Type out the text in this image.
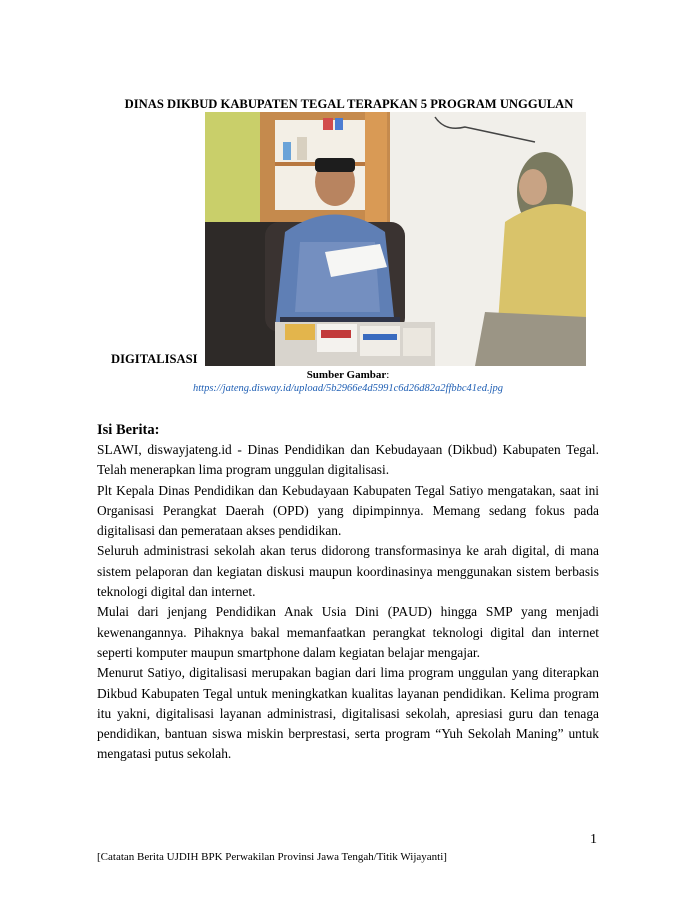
DINAS DIKBUD KABUPATEN TEGAL TERAPKAN 5 PROGRAM UNGGULAN
DIGITALISASI
Sumber Gambar:
https://jateng.disway.id/upload/5b2966e4d5991c6d26d82a2ffbbc41ed.jpg
Isi Berita:

SLAWI, diswayjateng.id - Dinas Pendidikan dan Kebudayaan (Dikbud) Kabupaten Tegal. Telah menerapkan lima program unggulan digitalisasi.

Plt Kepala Dinas Pendidikan dan Kebudayaan Kabupaten Tegal Satiyo mengatakan, saat ini Organisasi Perangkat Daerah (OPD) yang dipimpinnya. Memang sedang fokus pada digitalisasi dan pemerataan akses pendidikan.

Seluruh administrasi sekolah akan terus didorong transformasinya ke arah digital, di mana sistem pelaporan dan kegiatan diskusi maupun koordinasinya menggunakan sistem berbasis teknologi digital dan internet.

Mulai dari jenjang Pendidikan Anak Usia Dini (PAUD) hingga SMP yang menjadi kewenangannya. Pihaknya bakal memanfaatkan perangkat teknologi digital dan internet seperti komputer maupun smartphone dalam kegiatan belajar mengajar.

Menurut Satiyo, digitalisasi merupakan bagian dari lima program unggulan yang diterapkan Dikbud Kabupaten Tegal untuk meningkatkan kualitas layanan pendidikan. Kelima program itu yakni, digitalisasi layanan administrasi, digitalisasi sekolah, apresiasi guru dan tenaga pendidikan, bantuan siswa miskin berprestasi, serta program “Yuh Sekolah Maning” untuk mengatasi putus sekolah.

1
[Catatan Berita UJDIH BPK Perwakilan Provinsi Jawa Tengah/Titik Wijayanti]
